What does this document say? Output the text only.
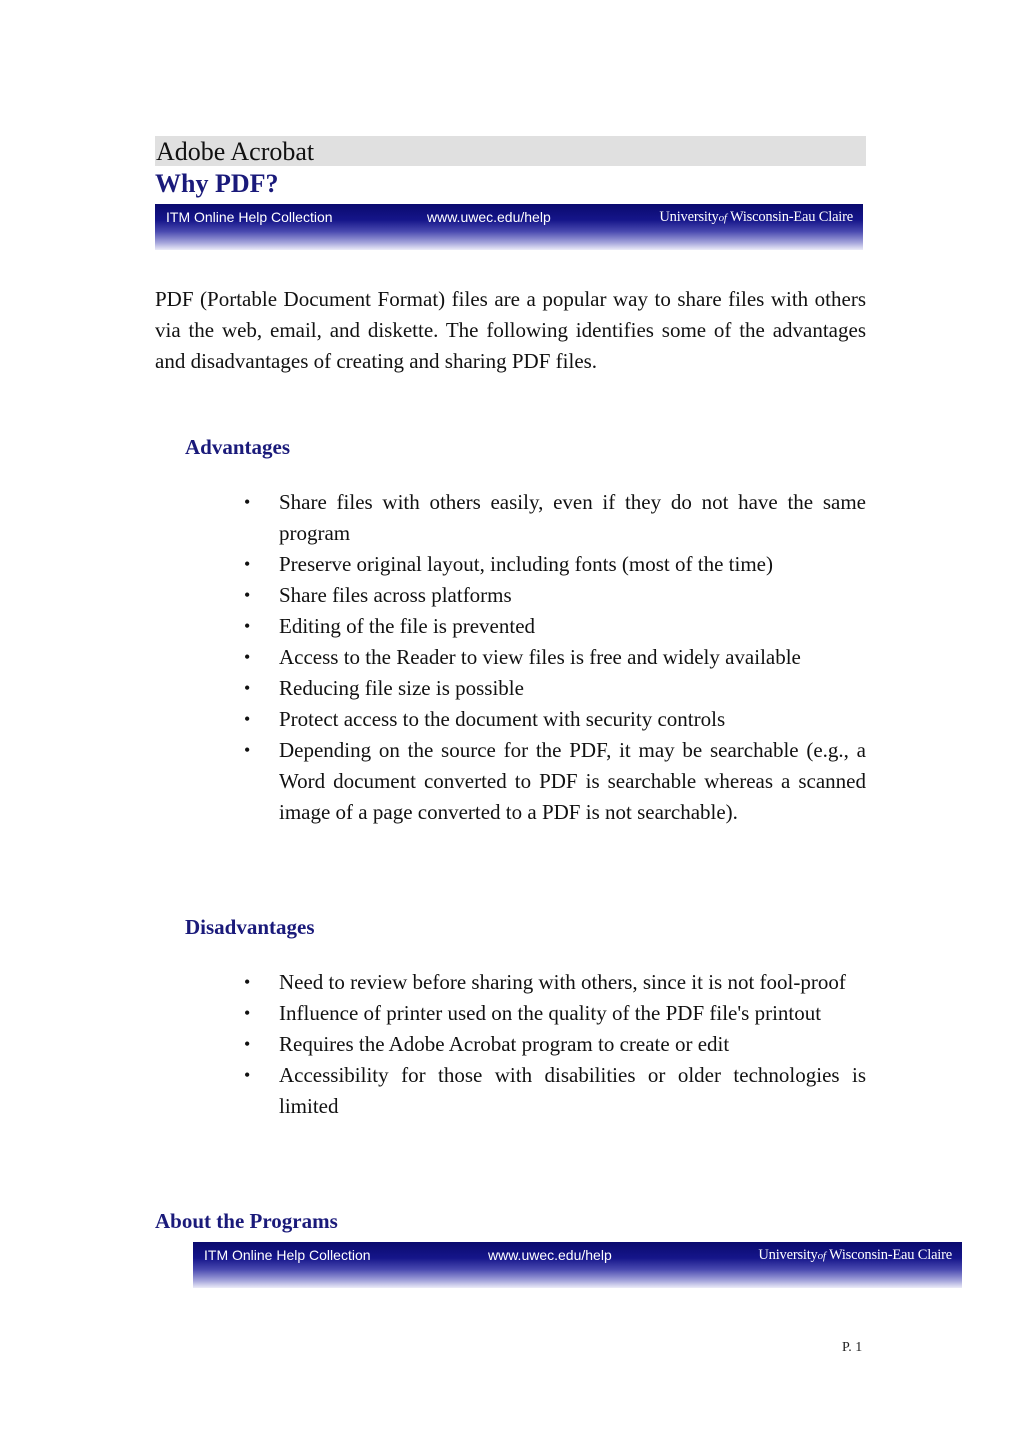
Adobe Acrobat
Why PDF?
ITM Online Help Collection	www.uwec.edu/help	Universityof Wisconsin-Eau Claire

PDF (Portable Document Format) files are a popular way to share files with others via the web, email, and diskette. The following identifies some of the advantages and disadvantages of creating and sharing PDF files.

Advantages
• Share files with others easily, even if they do not have the same program
• Preserve original layout, including fonts (most of the time)
• Share files across platforms
• Editing of the file is prevented
• Access to the Reader to view files is free and widely available
• Reducing file size is possible
• Protect access to the document with security controls
• Depending on the source for the PDF, it may be searchable (e.g., a Word document converted to PDF is searchable whereas a scanned image of a page converted to a PDF is not searchable).
Disadvantages
• Need to review before sharing with others, since it is not fool-proof
• Influence of printer used on the quality of the PDF file's printout
• Requires the Adobe Acrobat program to create or edit
• Accessibility for those with disabilities or older technologies is limited
About the Programs
ITM Online Help Collection	www.uwec.edu/help	Universityof Wisconsin-Eau Claire
P. 1
